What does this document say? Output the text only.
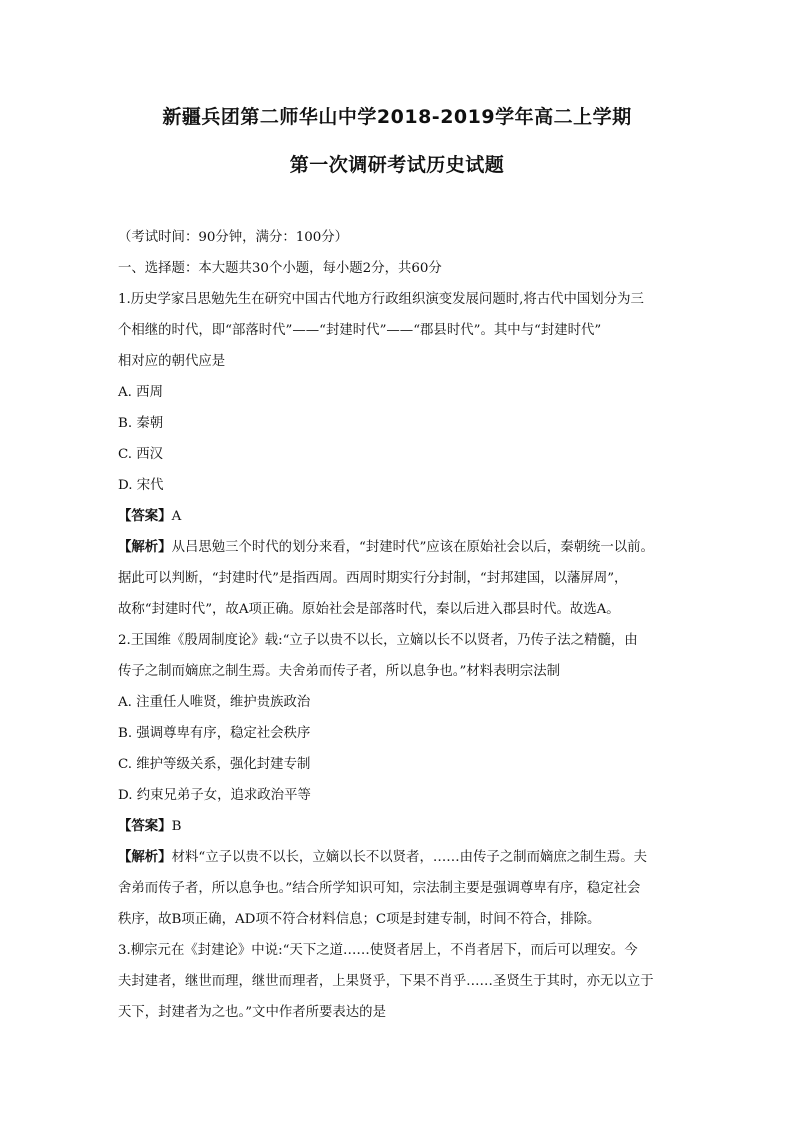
新疆兵团第二师华山中学2018-2019学年高二上学期
第一次调研考试历史试题

（考试时间：90分钟，满分：100分）

一、选择题：本大题共30个小题，每小题2分，共60分

1.历史学家吕思勉先生在研究中国古代地方行政组织演变发展问题时,将古代中国划分为三

个相继的时代，即“部落时代”——“封建时代”——“郡县时代”。其中与“封建时代”

相对应的朝代应是

A. 西周

B. 秦朝

C. 西汉

D. 宋代

【答案】A

【解析】从吕思勉三个时代的划分来看，“封建时代”应该在原始社会以后，秦朝统一以前。

据此可以判断，“封建时代”是指西周。西周时期实行分封制，“封邦建国，以藩屏周”，

故称“封建时代”，故A项正确。原始社会是部落时代，秦以后进入郡县时代。故选A。

2.王国维《殷周制度论》载:“立子以贵不以长，立嫡以长不以贤者，乃传子法之精髓，由

传子之制而嫡庶之制生焉。夫舍弟而传子者，所以息争也。”材料表明宗法制

A. 注重任人唯贤，维护贵族政治

B. 强调尊卑有序，稳定社会秩序

C. 维护等级关系，强化封建专制

D. 约束兄弟子女，追求政治平等

【答案】B

【解析】材料“立子以贵不以长，立嫡以长不以贤者，……由传子之制而嫡庶之制生焉。夫

舍弟而传子者，所以息争也。”结合所学知识可知，宗法制主要是强调尊卑有序，稳定社会

秩序，故B项正确，AD项不符合材料信息；C项是封建专制，时间不符合，排除。

3.柳宗元在《封建论》中说:“天下之道……使贤者居上，不肖者居下，而后可以理安。今

夫封建者，继世而理，继世而理者，上果贤乎，下果不肖乎……圣贤生于其时，亦无以立于

天下，封建者为之也。”文中作者所要表达的是
